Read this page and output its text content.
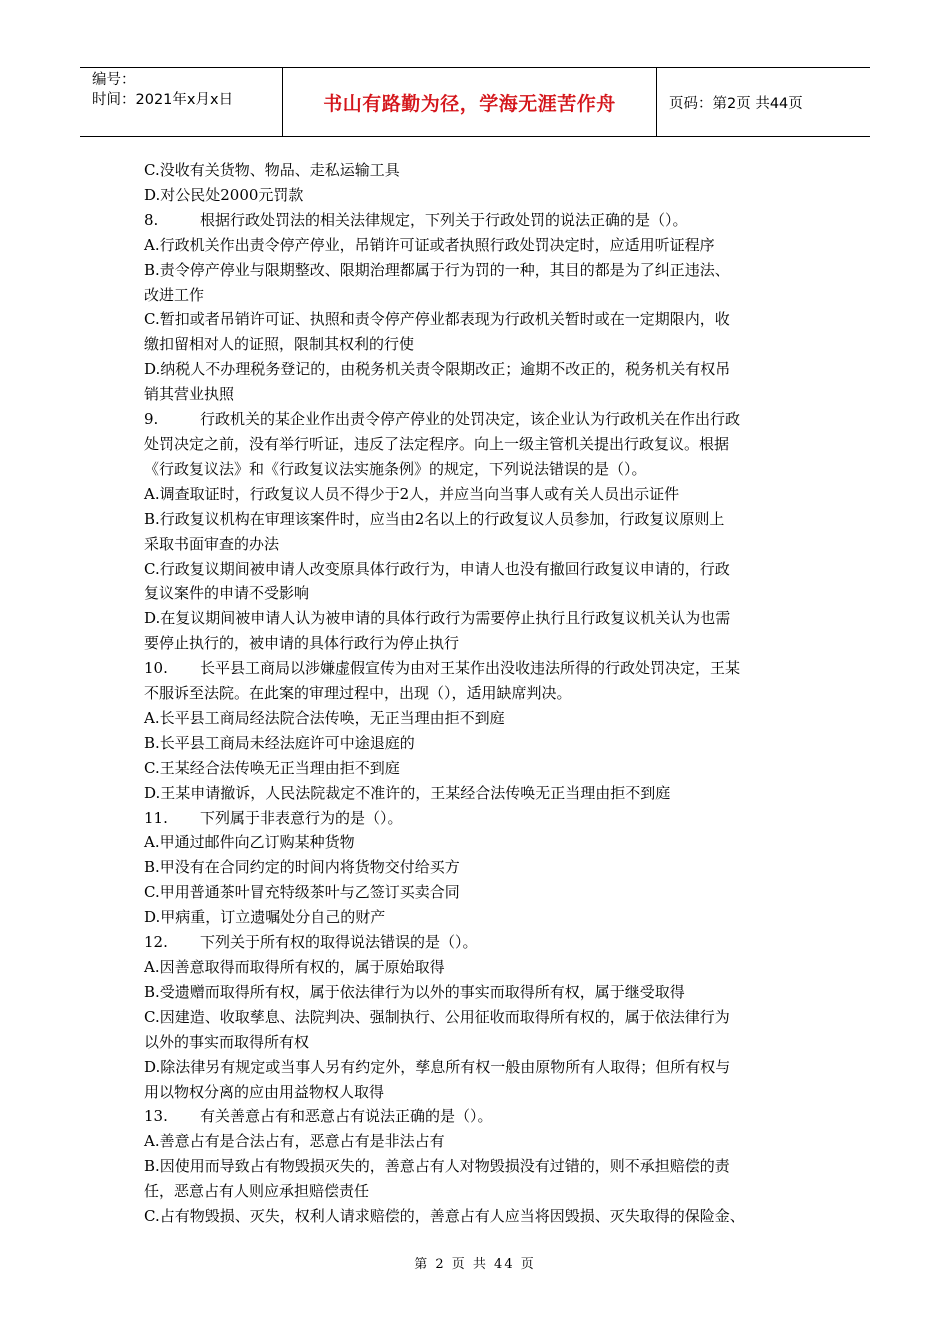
编号：
时间：2021年x月x日	书山有路勤为径，学海无涯苦作舟	页码：第2页 共44页
C.没收有关货物、物品、走私运输工具
D.对公民处2000元罚款
8.	根据行政处罚法的相关法律规定，下列关于行政处罚的说法正确的是（）。
A.行政机关作出责令停产停业，吊销许可证或者执照行政处罚决定时，应适用听证程序
B.责令停产停业与限期整改、限期治理都属于行为罚的一种，其目的都是为了纠正违法、
改进工作
C.暂扣或者吊销许可证、执照和责令停产停业都表现为行政机关暂时或在一定期限内，收
缴扣留相对人的证照，限制其权利的行使
D.纳税人不办理税务登记的，由税务机关责令限期改正；逾期不改正的，税务机关有权吊
销其营业执照
9.	行政机关的某企业作出责令停产停业的处罚决定，该企业认为行政机关在作出行政
处罚决定之前，没有举行听证，违反了法定程序。向上一级主管机关提出行政复议。根据
《行政复议法》和《行政复议法实施条例》的规定，下列说法错误的是（）。
A.调查取证时，行政复议人员不得少于2人，并应当向当事人或有关人员出示证件
B.行政复议机构在审理该案件时，应当由2名以上的行政复议人员参加，行政复议原则上
采取书面审查的办法
C.行政复议期间被申请人改变原具体行政行为，申请人也没有撤回行政复议申请的，行政
复议案件的申请不受影响
D.在复议期间被申请人认为被申请的具体行政行为需要停止执行且行政复议机关认为也需
要停止执行的，被申请的具体行政行为停止执行
10. 长平县工商局以涉嫌虚假宣传为由对王某作出没收违法所得的行政处罚决定，王某
不服诉至法院。在此案的审理过程中，出现（），适用缺席判决。
A.长平县工商局经法院合法传唤，无正当理由拒不到庭
B.长平县工商局未经法庭许可中途退庭的
C.王某经合法传唤无正当理由拒不到庭
D.王某申请撤诉，人民法院裁定不准许的，王某经合法传唤无正当理由拒不到庭
11. 下列属于非表意行为的是（）。
A.甲通过邮件向乙订购某种货物
B.甲没有在合同约定的时间内将货物交付给买方
C.甲用普通茶叶冒充特级茶叶与乙签订买卖合同
D.甲病重，订立遗嘱处分自己的财产
12. 下列关于所有权的取得说法错误的是（）。
A.因善意取得而取得所有权的，属于原始取得
B.受遗赠而取得所有权，属于依法律行为以外的事实而取得所有权，属于继受取得
C.因建造、收取孳息、法院判决、强制执行、公用征收而取得所有权的，属于依法律行为
以外的事实而取得所有权
D.除法律另有规定或当事人另有约定外，孳息所有权一般由原物所有人取得；但所有权与
用以物权分离的应由用益物权人取得
13. 有关善意占有和恶意占有说法正确的是（）。
A.善意占有是合法占有，恶意占有是非法占有
B.因使用而导致占有物毁损灭失的，善意占有人对物毁损没有过错的，则不承担赔偿的责
任，恶意占有人则应承担赔偿责任
C.占有物毁损、灭失，权利人请求赔偿的，善意占有人应当将因毁损、灭失取得的保险金、
第 2 页 共 44 页
